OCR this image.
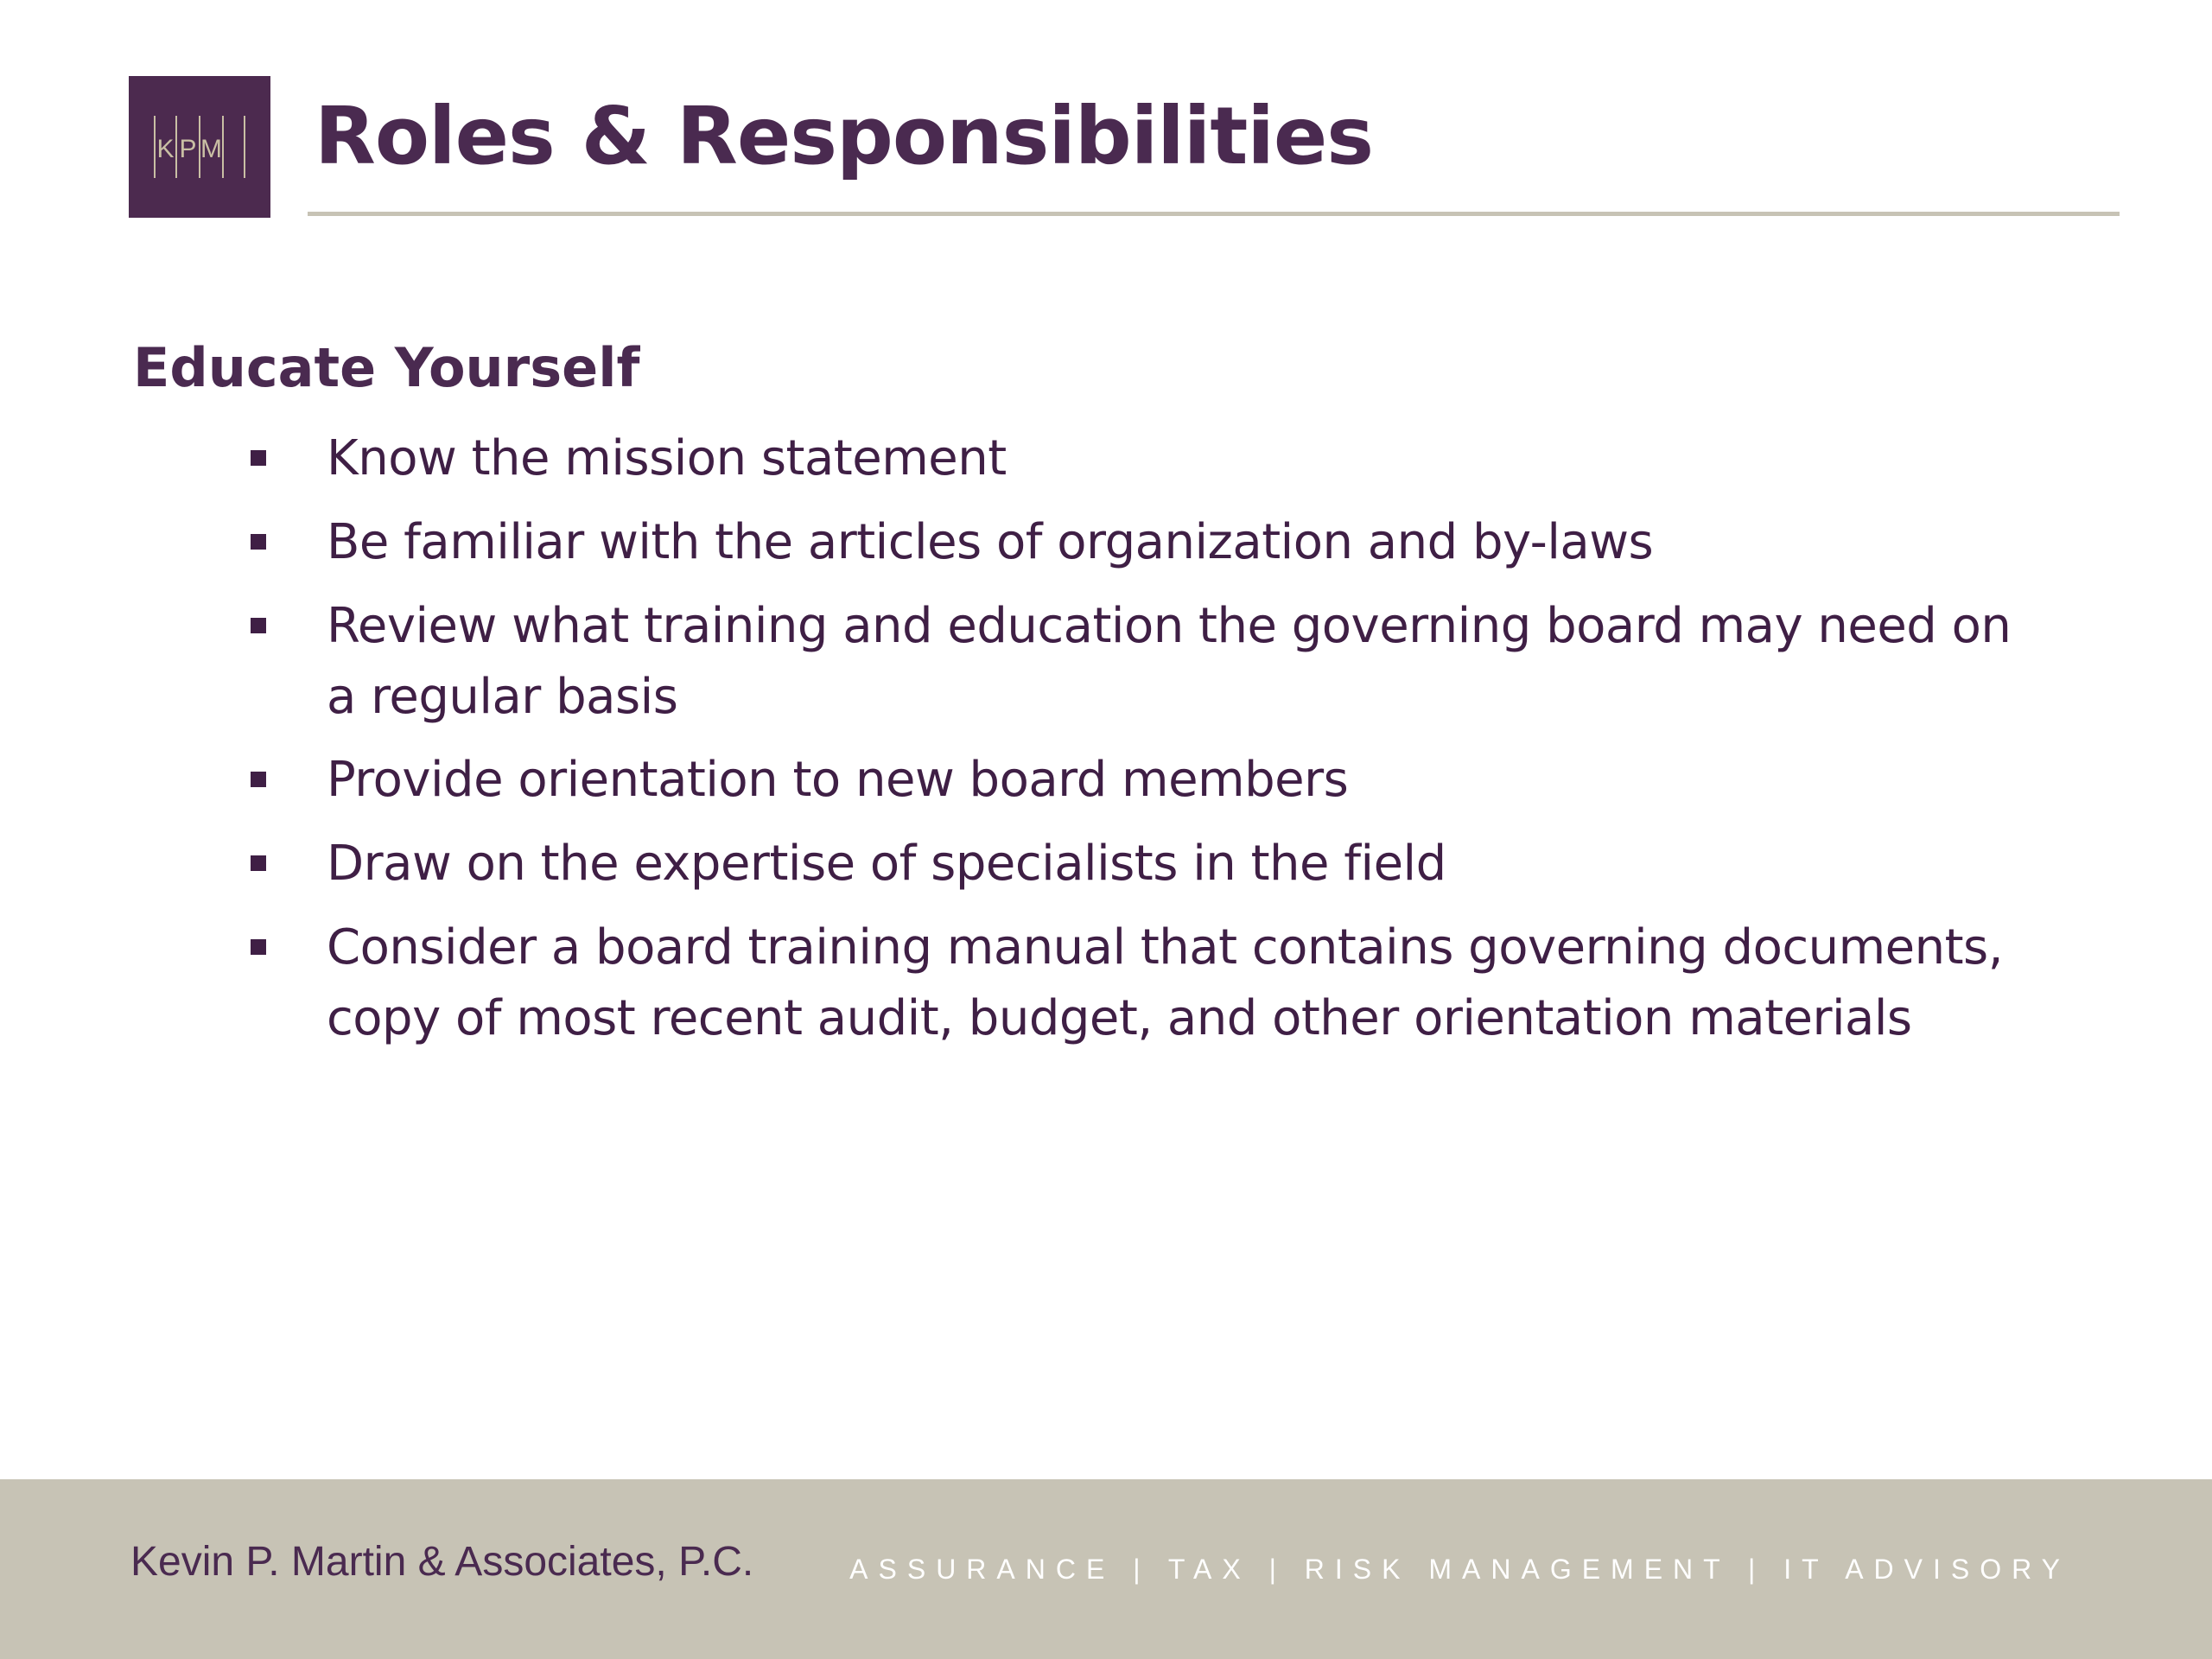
K P M Roles & Responsibilities
Educate Yourself
Know the mission statement
Be familiar with the articles of organization and by-laws
Review what training and education the governing board may need on a regular basis
Provide orientation to new board members
Draw on the expertise of specialists in the field
Consider a board training manual that contains governing documents, copy of most recent audit, budget, and other orientation materials
Kevin P. Martin & Associates, P.C.	ASSURANCE | TAX | RISK MANAGEMENT | IT ADVISORY
